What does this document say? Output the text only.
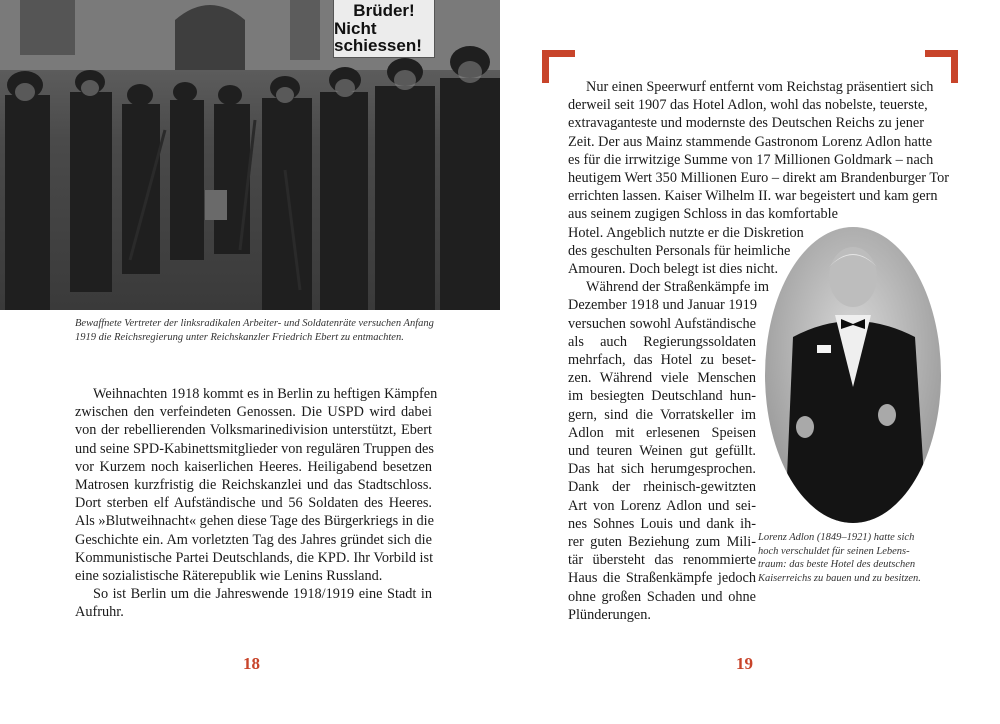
Brüder!
Nicht schiessen!
Bewaffnete Vertreter der linksradikalen Arbeiter- und Soldatenräte versuchen Anfang 1919 die Reichsregierung unter Reichskanzler Friedrich Ebert zu entmachten.

Weihnachten 1918 kommt es in Berlin zu heftigen Kämpfen
zwischen den verfeindeten Genossen. Die USPD wird dabei
von der rebellierenden Volksmarinedivision unterstützt, Ebert
und seine SPD-Kabinettsmitglieder von regulären Truppen des
vor Kurzem noch kaiserlichen Heeres. Heiligabend besetzen
Matrosen kurzfristig die Reichskanzlei und das Stadtschloss.
Dort sterben elf Aufständische und 56 Soldaten des Heeres.
Als »Blutweihnacht« gehen diese Tage des Bürgerkriegs in die
Geschichte ein. Am vorletzten Tag des Jahres gründet sich die
Kommunistische Partei Deutschlands, die KPD. Ihr Vorbild ist
eine sozialistische Räterepublik wie Lenins Russland.

So ist Berlin um die Jahreswende 1918/1919 eine Stadt in
Aufruhr.

18

Nur einen Speerwurf entfernt vom Reichstag präsentiert sich
derweil seit 1907 das Hotel Adlon, wohl das nobelste, teuerste,
extravaganteste und modernste des Deutschen Reichs zu jener
Zeit. Der aus Mainz stammende Gastronom Lorenz Adlon hatte
es für die irrwitzige Summe von 17 Millionen Goldmark – nach
heutigem Wert 350 Millionen Euro – direkt am Brandenburger Tor
errichten lassen. Kaiser Wilhelm II. war begeistert und kam gern
aus seinem zugigen Schloss in das komfortable
Hotel. Angeblich nutzte er die Diskretion
des geschulten Personals für heimliche
Amouren. Doch belegt ist dies nicht.

Während der Straßenkämpfe im
Dezember 1918 und Januar 1919
versuchen sowohl Aufständische
als auch Regierungssoldaten
mehrfach, das Hotel zu beset-
zen. Während viele Menschen
im besiegten Deutschland hun-
gern, sind die Vorratskeller im
Adlon mit erlesenen Speisen
und teuren Weinen gut gefüllt.
Das hat sich herumgesprochen.
Dank der rheinisch-gewitzten
Art von Lorenz Adlon und sei-
nes Sohnes Louis und dank ih-
rer guten Beziehung zum Mili-
tär übersteht das renommierte
Haus die Straßenkämpfe jedoch
ohne großen Schaden und ohne
Plünderungen.

Lorenz Adlon (1849–1921) hatte sich
hoch verschuldet für seinen Lebens-
traum: das beste Hotel des deutschen
Kaiserreichs zu bauen und zu besitzen.
19
